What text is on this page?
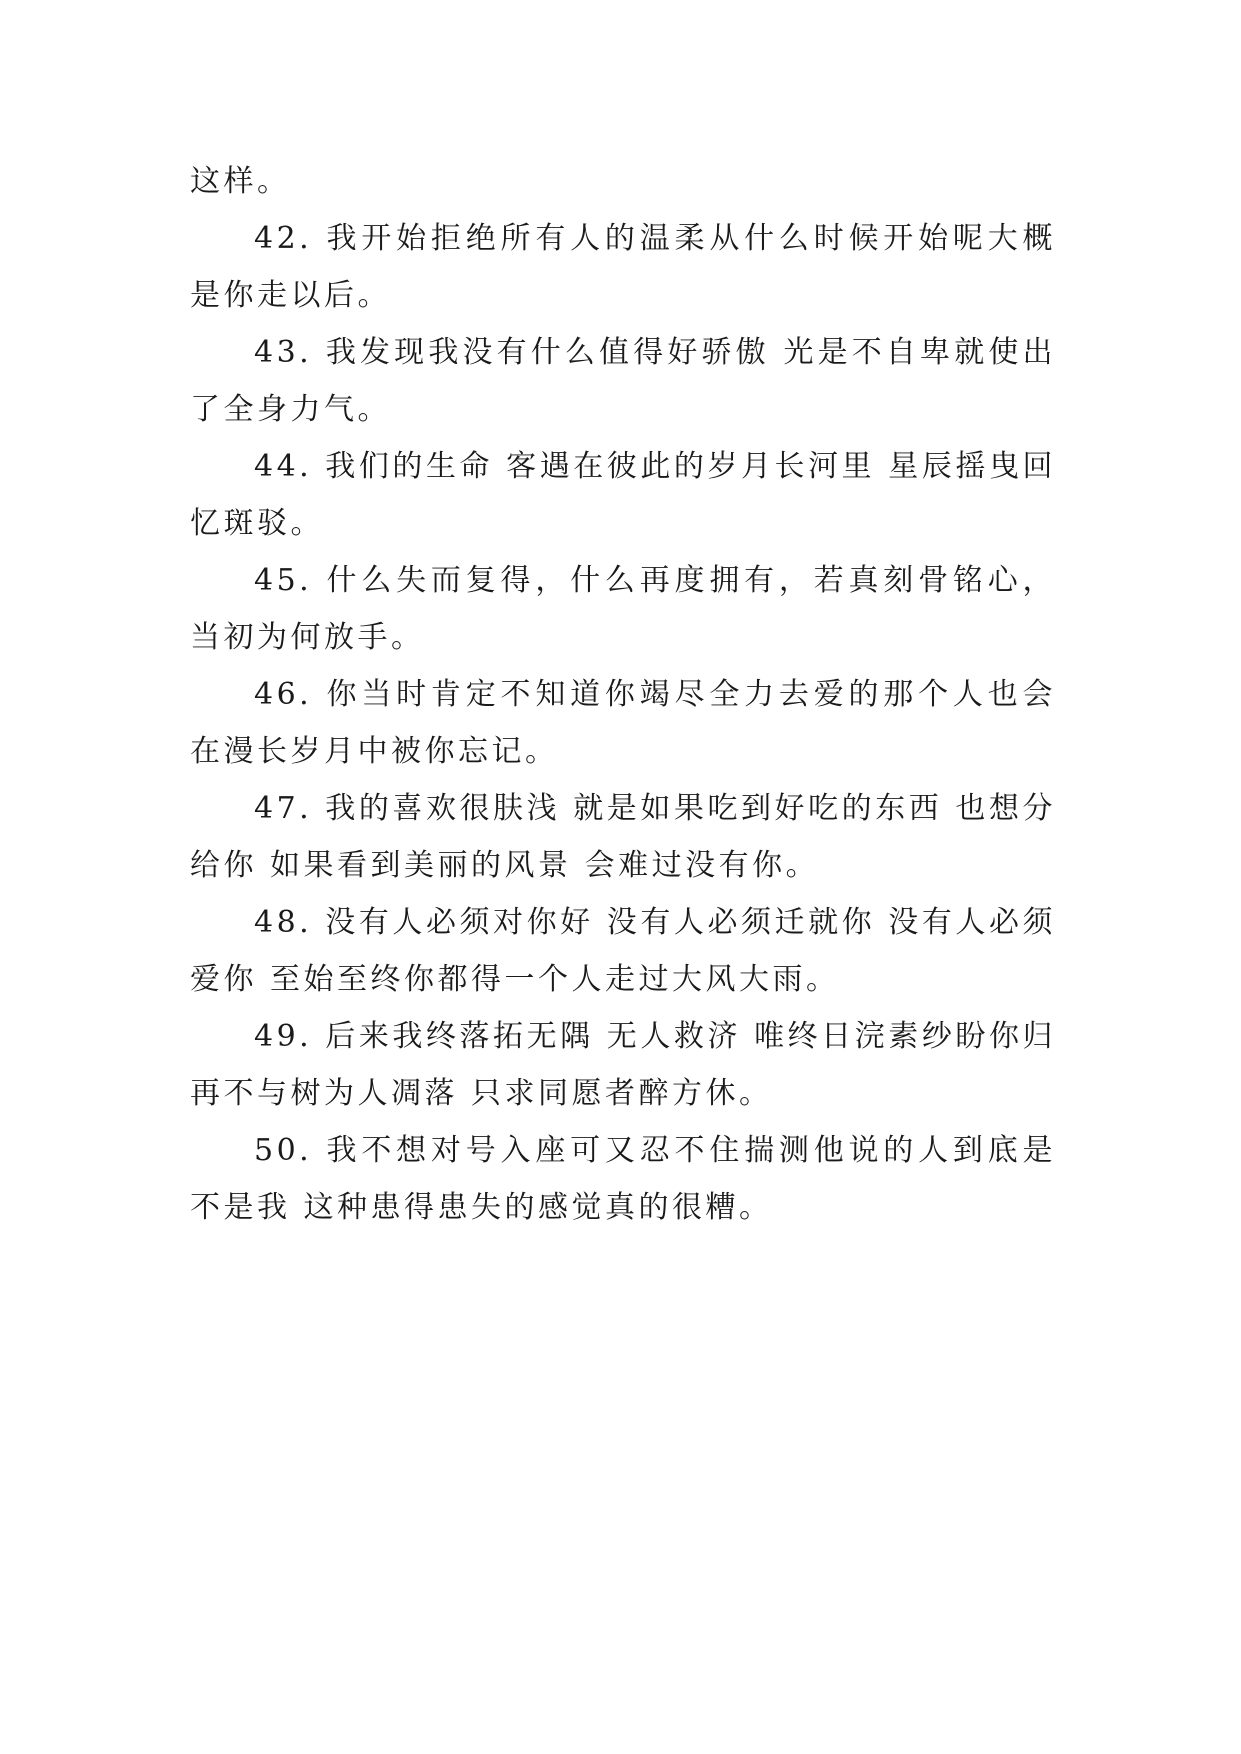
这样。

42. 我开始拒绝所有人的温柔从什么时候开始呢大概是你走以后。

43. 我发现我没有什么值得好骄傲 光是不自卑就使出了全身力气。

44. 我们的生命 客遇在彼此的岁月长河里 星辰摇曳回忆斑驳。

45. 什么失而复得，什么再度拥有，若真刻骨铭心，当初为何放手。

46. 你当时肯定不知道你竭尽全力去爱的那个人也会在漫长岁月中被你忘记。

47. 我的喜欢很肤浅 就是如果吃到好吃的东西 也想分给你 如果看到美丽的风景 会难过没有你。

48. 没有人必须对你好 没有人必须迁就你 没有人必须爱你 至始至终你都得一个人走过大风大雨。

49. 后来我终落拓无隅 无人救济 唯终日浣素纱盼你归 再不与树为人凋落 只求同愿者醉方休。

50. 我不想对号入座可又忍不住揣测他说的人到底是不是我 这种患得患失的感觉真的很糟。
